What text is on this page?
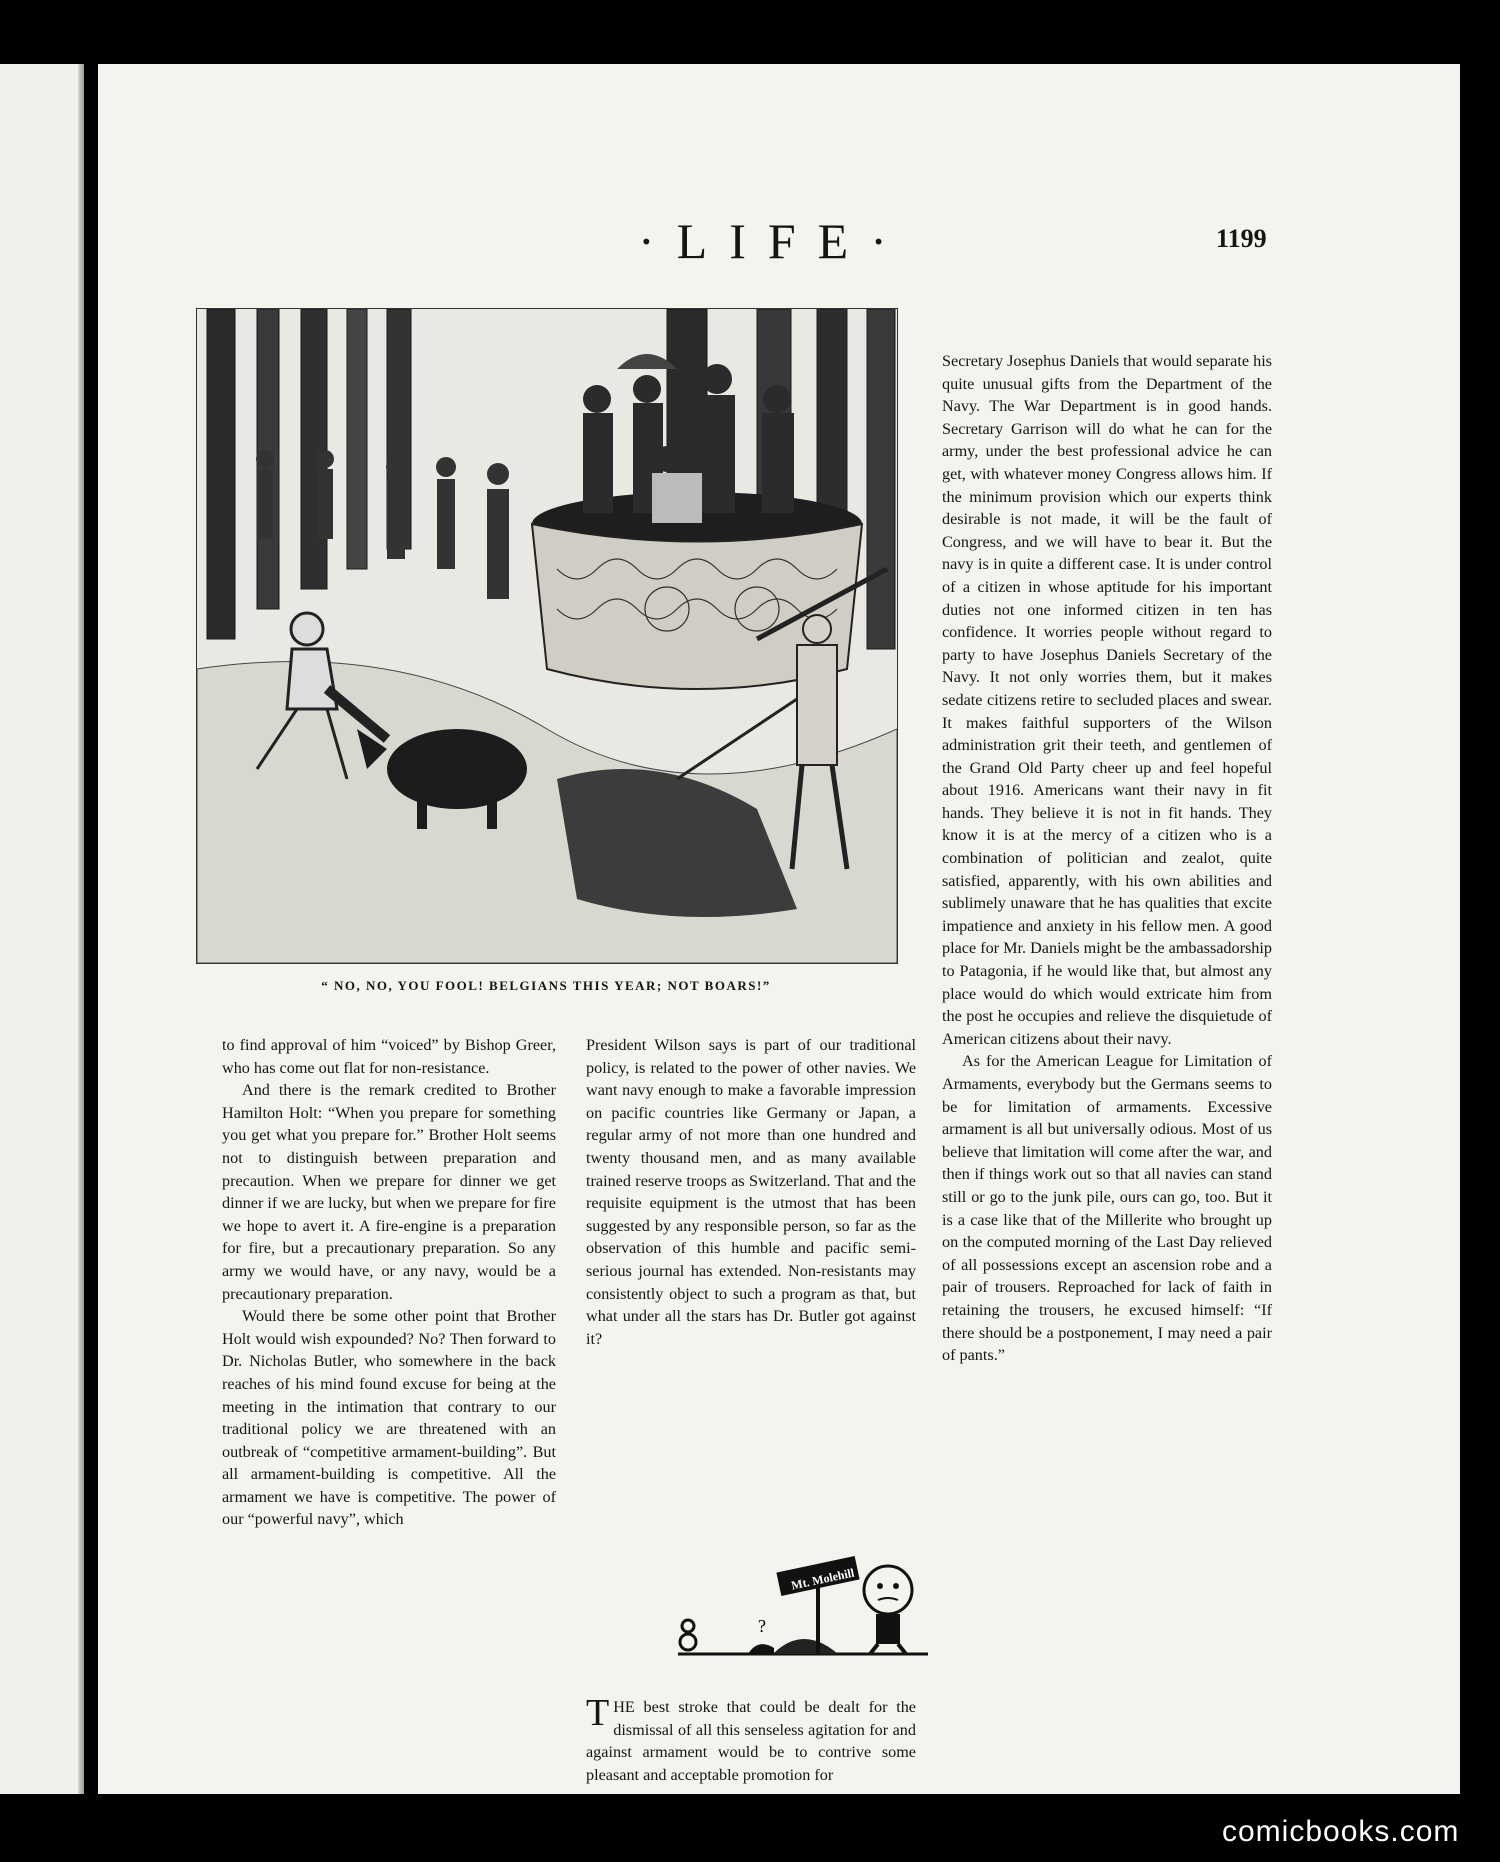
·LIFE·	1199
“ NO, NO, YOU FOOL! BELGIANS THIS YEAR; NOT BOARS!”

to find approval of him “voiced” by Bishop Greer, who has come out flat for non-resistance.

And there is the remark credited to Brother Hamilton Holt: “When you prepare for something you get what you prepare for.” Brother Holt seems not to distinguish between preparation and precaution. When we prepare for dinner we get dinner if we are lucky, but when we prepare for fire we hope to avert it. A fire-engine is a preparation for fire, but a precautionary preparation. So any army we would have, or any navy, would be a precautionary preparation.

Would there be some other point that Brother Holt would wish expounded? No? Then forward to Dr. Nicholas Butler, who somewhere in the back reaches of his mind found excuse for being at the meeting in the intimation that contrary to our traditional policy we are threatened with an outbreak of “competitive armament-building”. But all armament-building is competitive. All the armament we have is competitive. The power of our “powerful navy”, which

President Wilson says is part of our traditional policy, is related to the power of other navies. We want navy enough to make a favorable impression on pacific countries like Germany or Japan, a regular army of not more than one hundred and twenty thousand men, and as many available trained reserve troops as Switzerland. That and the requisite equipment is the utmost that has been suggested by any responsible person, so far as the observation of this humble and pacific semi-serious journal has extended. Non-resistants may consistently object to such a program as that, but what under all the stars has Dr. Butler got against it?

Mt. Molehill
?

THE best stroke that could be dealt for the dismissal of all this senseless agitation for and against armament would be to contrive some pleasant and acceptable promotion for

Secretary Josephus Daniels that would separate his quite unusual gifts from the Department of the Navy. The War Department is in good hands. Secretary Garrison will do what he can for the army, under the best professional advice he can get, with whatever money Congress allows him. If the minimum provision which our experts think desirable is not made, it will be the fault of Congress, and we will have to bear it. But the navy is in quite a different case. It is under control of a citizen in whose aptitude for his important duties not one informed citizen in ten has confidence. It worries people without regard to party to have Josephus Daniels Secretary of the Navy. It not only worries them, but it makes sedate citizens retire to secluded places and swear. It makes faithful supporters of the Wilson administration grit their teeth, and gentlemen of the Grand Old Party cheer up and feel hopeful about 1916. Americans want their navy in fit hands. They believe it is not in fit hands. They know it is at the mercy of a citizen who is a combination of politician and zealot, quite satisfied, apparently, with his own abilities and sublimely unaware that he has qualities that excite impatience and anxiety in his fellow men. A good place for Mr. Daniels might be the ambassadorship to Patagonia, if he would like that, but almost any place would do which would extricate him from the post he occupies and relieve the disquietude of American citizens about their navy.

As for the American League for Limitation of Armaments, everybody but the Germans seems to be for limitation of armaments. Excessive armament is all but universally odious. Most of us believe that limitation will come after the war, and then if things work out so that all navies can stand still or go to the junk pile, ours can go, too. But it is a case like that of the Millerite who brought up on the computed morning of the Last Day relieved of all possessions except an ascension robe and a pair of trousers. Reproached for lack of faith in retaining the trousers, he excused himself: “If there should be a postponement, I may need a pair of pants.”

comicbooks.com
